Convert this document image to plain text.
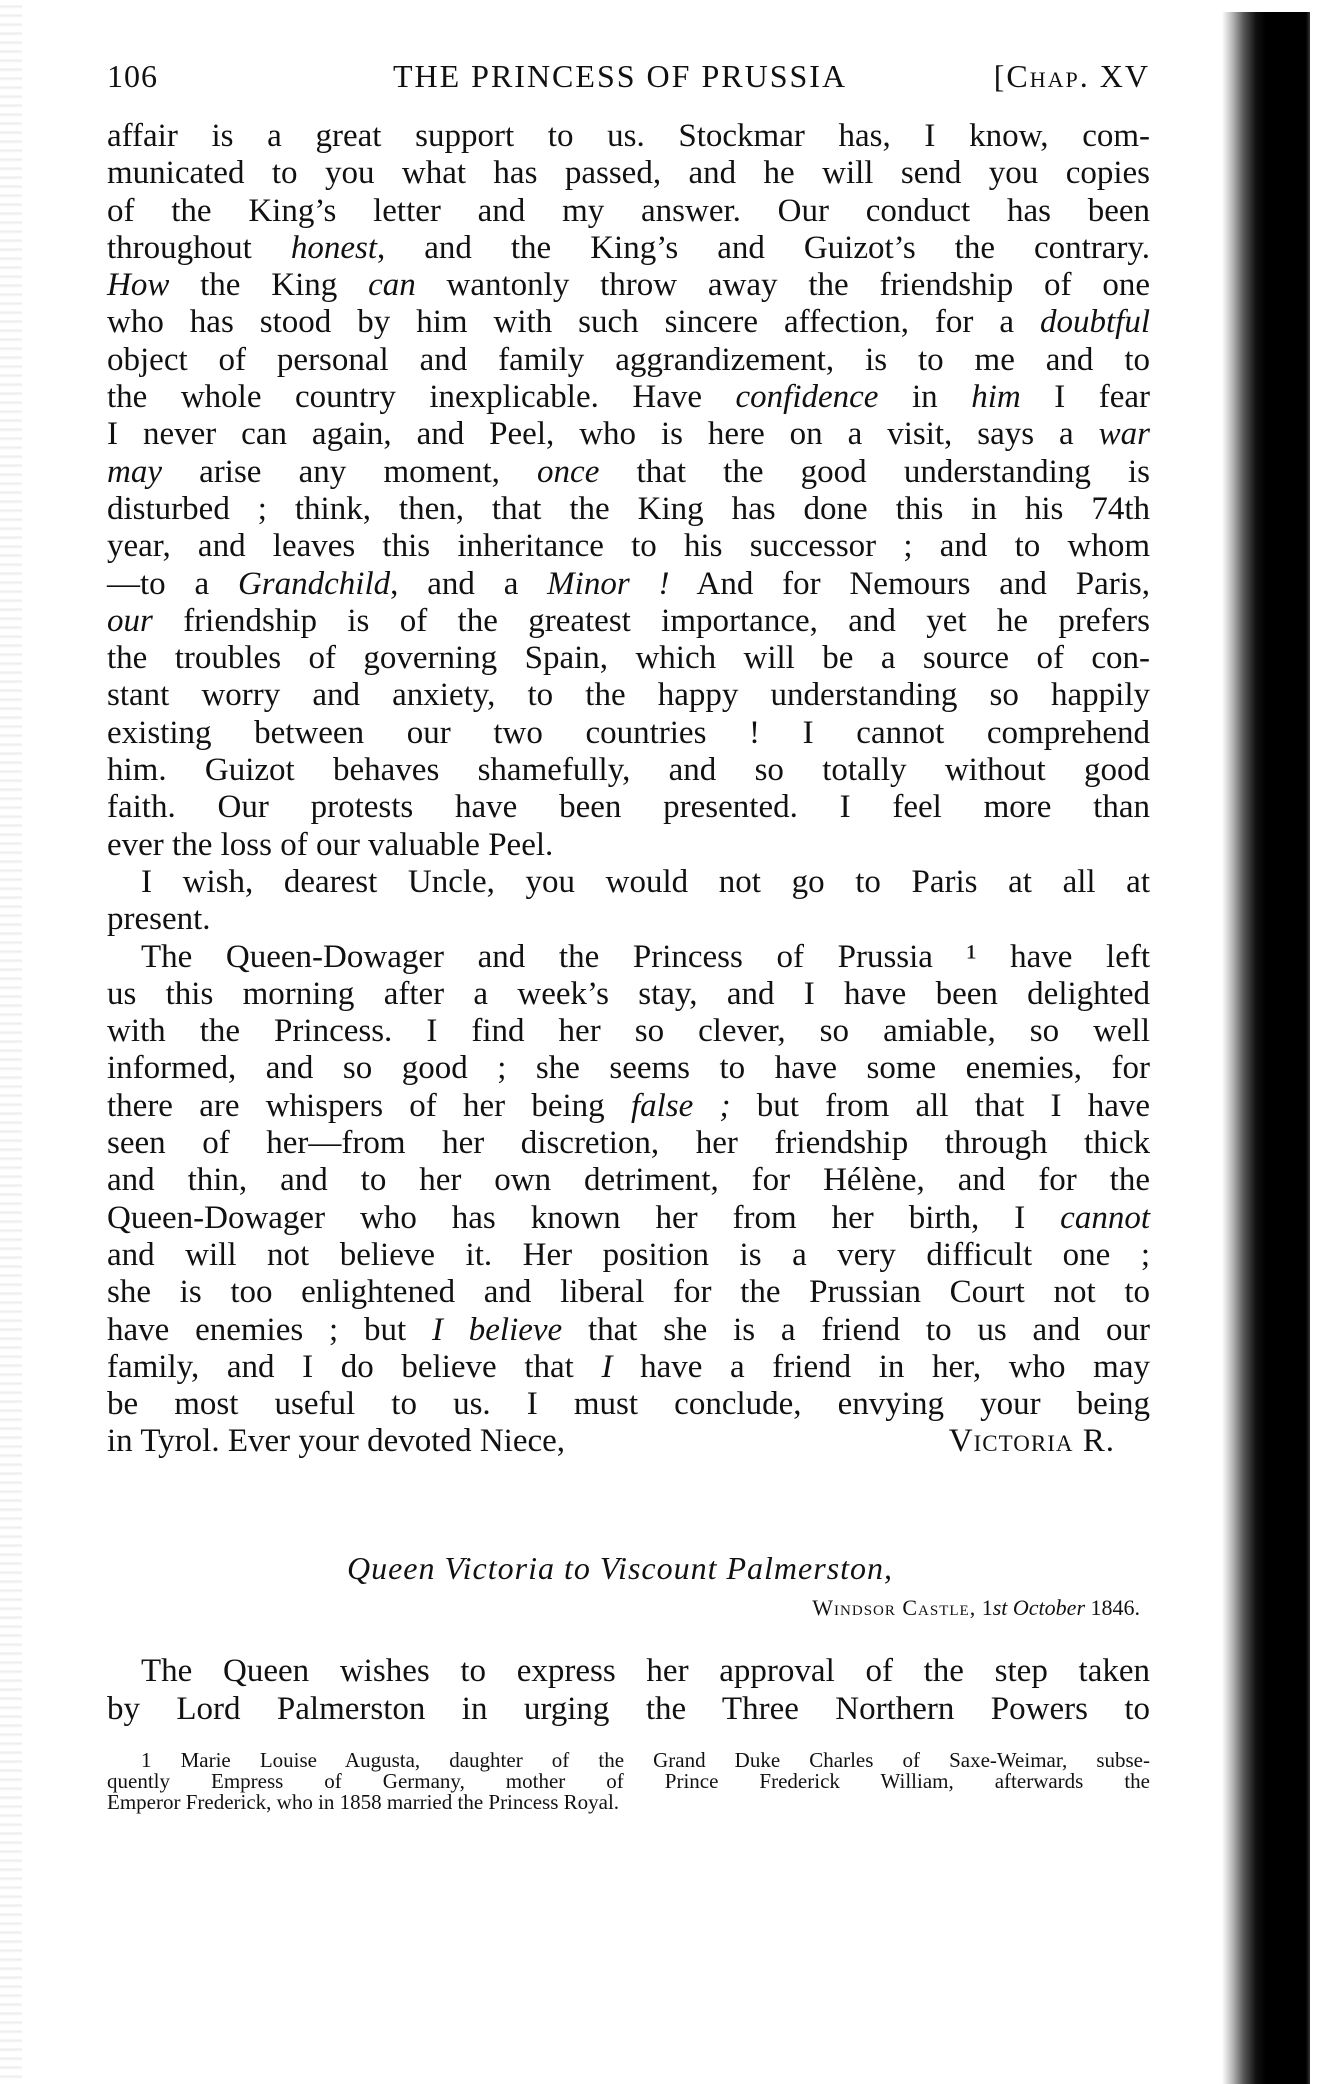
106	THE PRINCESS OF PRUSSIA	[Chap. XV
affair is a great support to us. Stockmar has, I know, com-
municated to you what has passed, and he will send you copies
of the King’s letter and my answer. Our conduct has been
throughout honest, and the King’s and Guizot’s the contrary.
How the King can wantonly throw away the friendship of one
who has stood by him with such sincere affection, for a doubtful
object of personal and family aggrandizement, is to me and to
the whole country inexplicable. Have confidence in him I fear
I never can again, and Peel, who is here on a visit, says a war
may arise any moment, once that the good understanding is
disturbed ; think, then, that the King has done this in his 74th
year, and leaves this inheritance to his successor ; and to whom
—to a Grandchild, and a Minor ! And for Nemours and Paris,
our friendship is of the greatest importance, and yet he prefers
the troubles of governing Spain, which will be a source of con-
stant worry and anxiety, to the happy understanding so happily
existing between our two countries ! I cannot comprehend
him. Guizot behaves shamefully, and so totally without good
faith. Our protests have been presented. I feel more than
ever the loss of our valuable Peel.
I wish, dearest Uncle, you would not go to Paris at all at
present.
The Queen-Dowager and the Princess of Prussia ¹ have left
us this morning after a week’s stay, and I have been delighted
with the Princess. I find her so clever, so amiable, so well
informed, and so good ; she seems to have some enemies, for
there are whispers of her being false ; but from all that I have
seen of her—from her discretion, her friendship through thick
and thin, and to her own detriment, for Hélène, and for the
Queen-Dowager who has known her from her birth, I cannot
and will not believe it. Her position is a very difficult one ;
she is too enlightened and liberal for the Prussian Court not to
have enemies ; but I believe that she is a friend to us and our
family, and I do believe that I have a friend in her, who may
be most useful to us. I must conclude, envying your being
in Tyrol. Ever your devoted Niece,	Victoria R.
Queen Victoria to Viscount Palmerston,
Windsor Castle, 1st October 1846.
The Queen wishes to express her approval of the step taken
by Lord Palmerston in urging the Three Northern Powers to
1 Marie Louise Augusta, daughter of the Grand Duke Charles of Saxe-Weimar, subse-
quently Empress of Germany, mother of Prince Frederick William, afterwards the
Emperor Frederick, who in 1858 married the Princess Royal.
